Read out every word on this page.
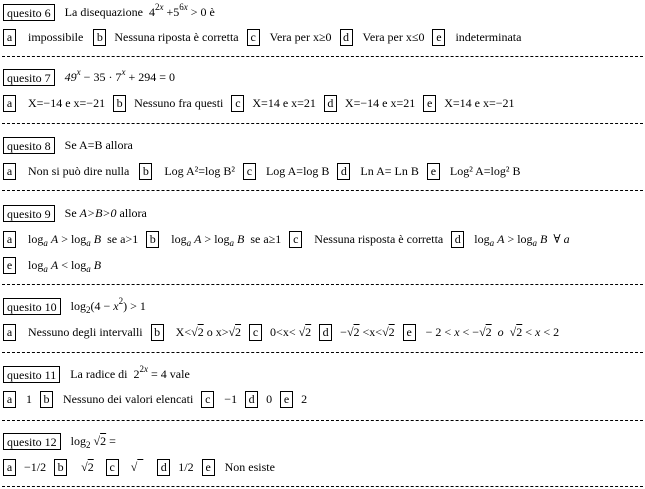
quesito 6 La disequazione  $4^{2x} +5^{6x} > 0$ è
a impossibile b Nessuna riposta è corretta c Vera per x≥0 d Vera per x≤0 e indeterminata
quesito 7 $49^x - 35 \cdot 7^x + 294 = 0$
a X=−14 e x=−21 b Nessuno fra questi c X=14 e x=21 d X=−14 e x=21 e X=14 e x=−21
quesito 8 Se A=B allora
a Non si può dire nulla b Log A²=log B² c Log A=log B d Ln A= Ln B e Log² A=log² B
quesito 9 Se A>B>0 allora
a $\log_a A > \log_a B$  se a>1 b $\log_a A > \log_a B$  se a≥1 c Nessuna risposta è corretta d $\log_a A > \log_a B$  ∀ a
e $\log_a A < \log_a B$
quesito 10 $\log_2(4 - x^2) > 1$
a Nessuno degli intervalli b X<√2 o x>√2 c 0<x< √2 d −√2 <x<√2 e − 2 < x < −√2 o  √2 < x < 2
quesito 11 La radice di  $2^{2x} = 4$ vale
a 1 b Nessuno dei valori elencati c −1 d 0 e 2
quesito 12 $\log_2 √2$ =
a −1/2 b √2 c √ d 1/2 e Non esiste
